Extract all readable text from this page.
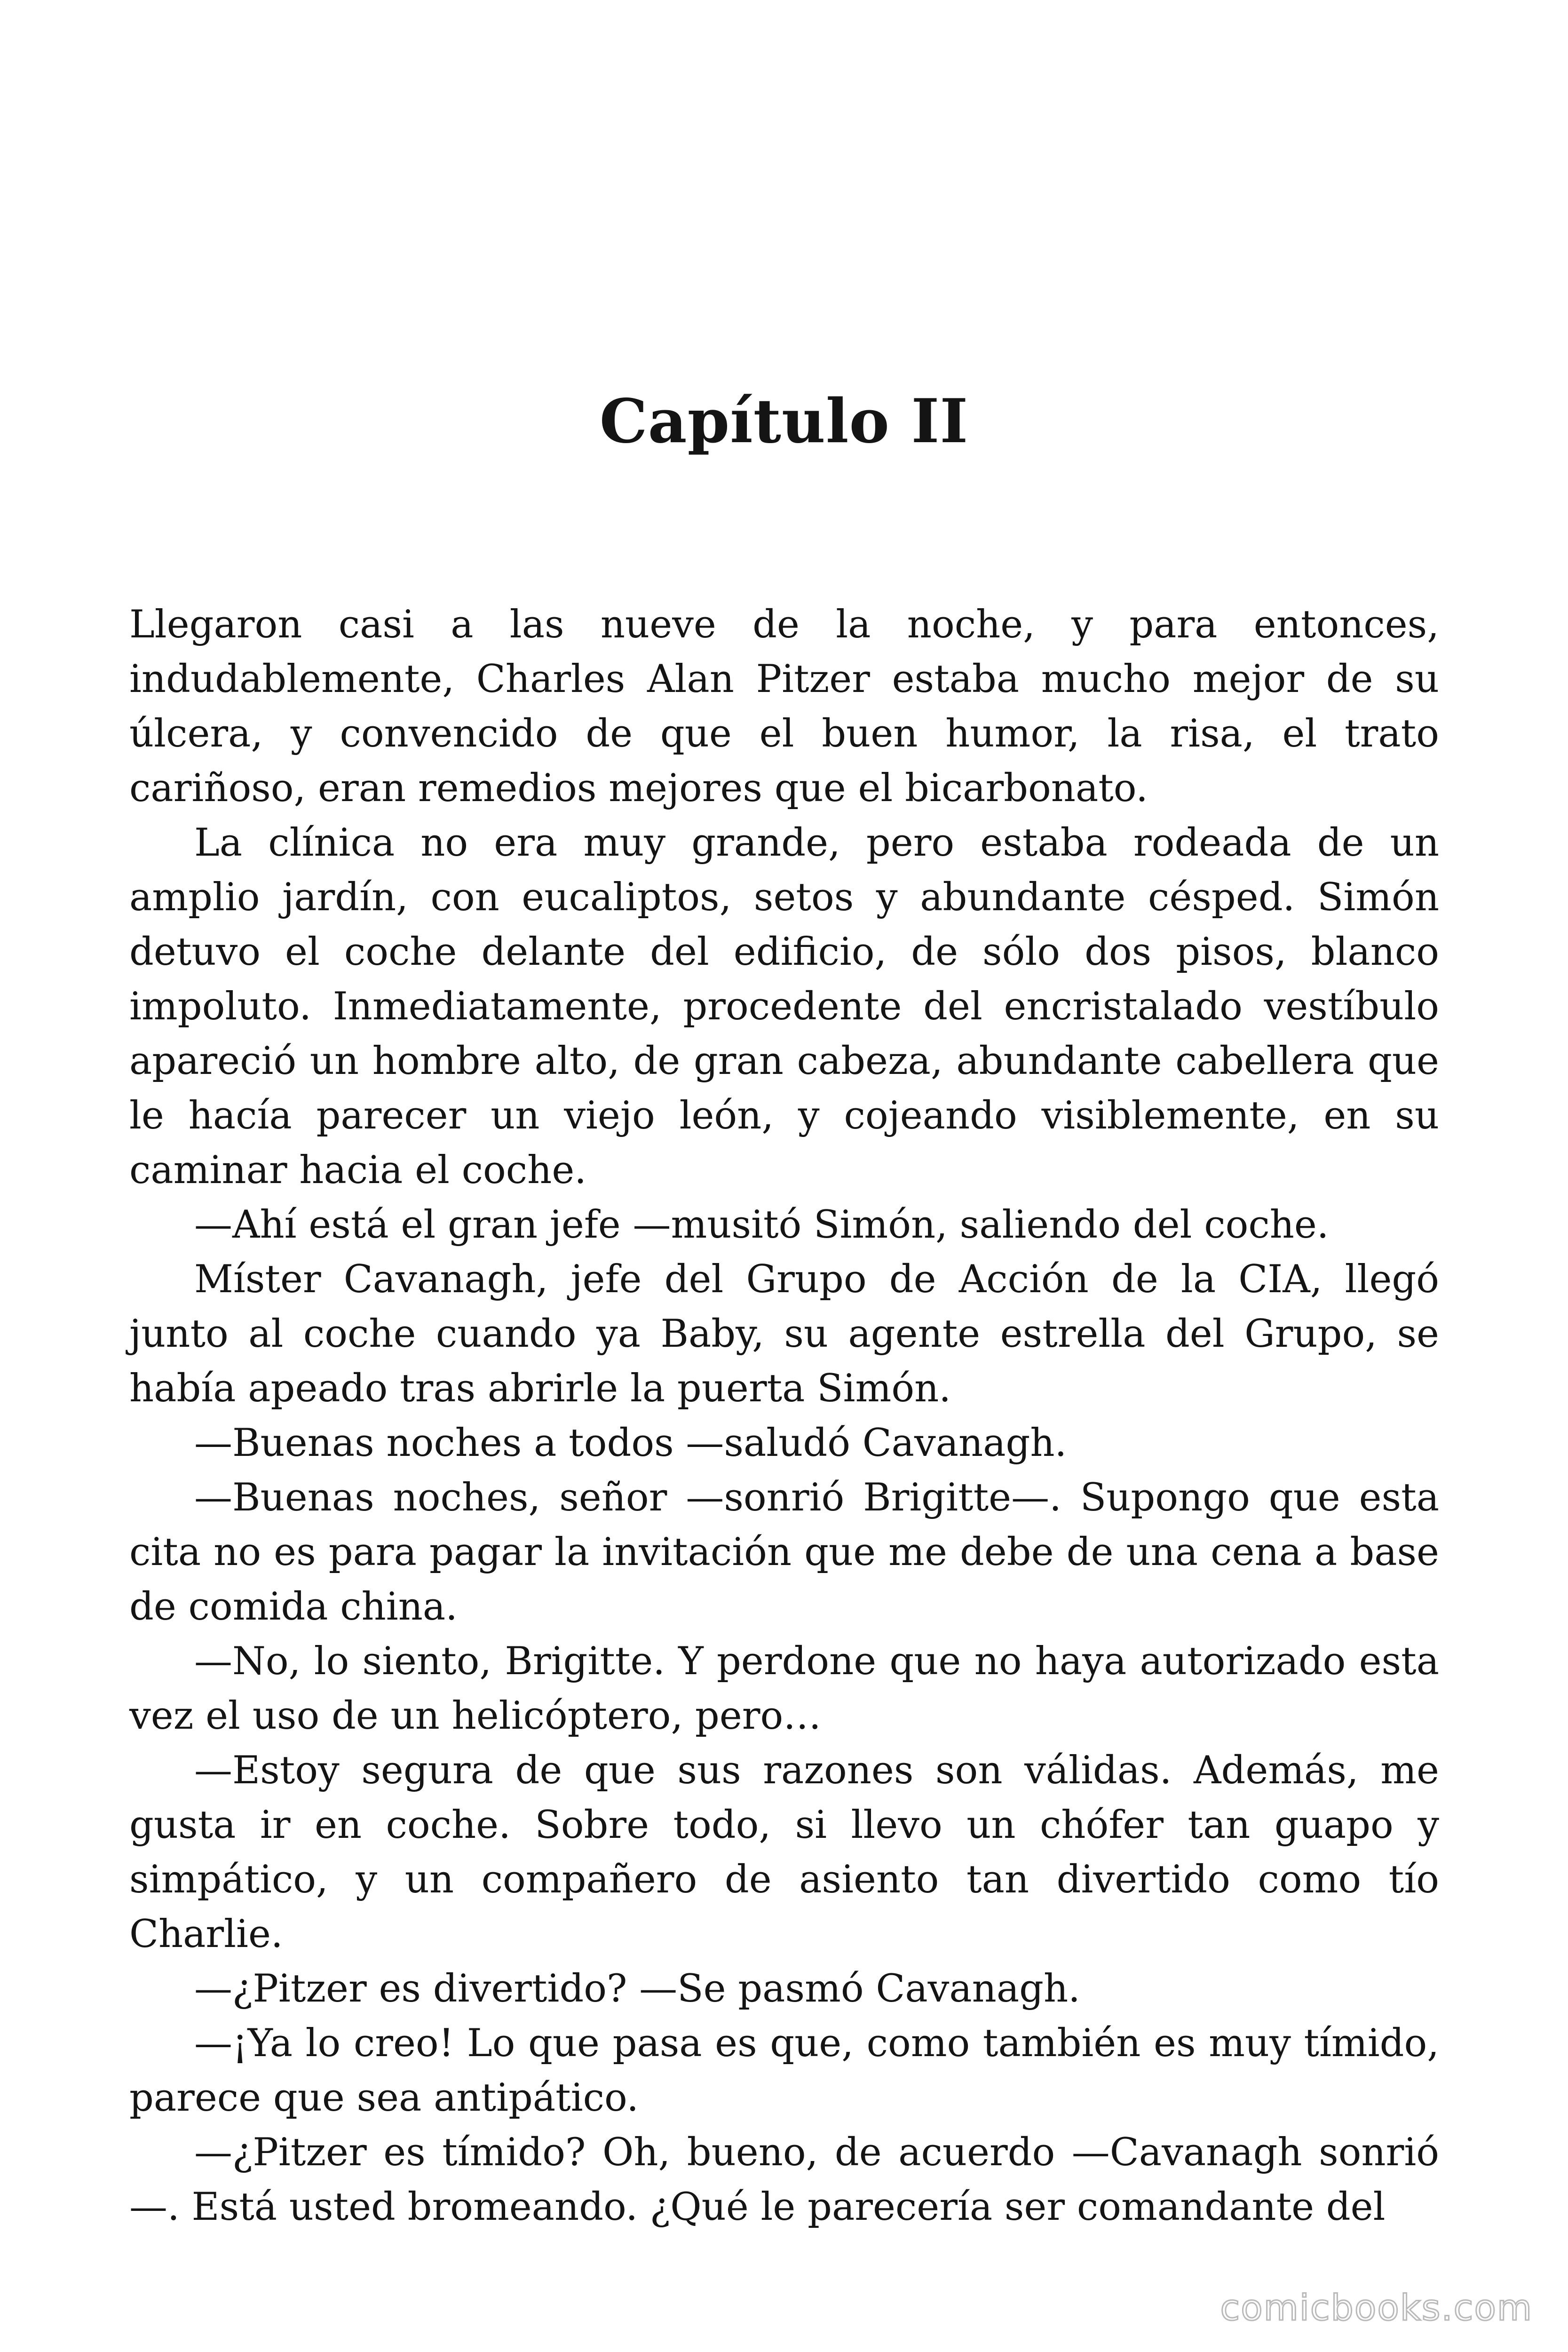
Capítulo II

Llegaron casi a las nueve de la noche, y para entonces, indudablemente, Charles Alan Pitzer estaba mucho mejor de su úlcera, y convencido de que el buen humor, la risa, el trato cariñoso, eran remedios mejores que el bicarbonato.

La clínica no era muy grande, pero estaba rodeada de un amplio jardín, con eucaliptos, setos y abundante césped. Simón detuvo el coche delante del edificio, de sólo dos pisos, blanco impoluto. Inmediatamente, procedente del encristalado vestíbulo apareció un hombre alto, de gran cabeza, abundante cabellera que le hacía parecer un viejo león, y cojeando visiblemente, en su caminar hacia el coche.

—Ahí está el gran jefe —musitó Simón, saliendo del coche.

Míster Cavanagh, jefe del Grupo de Acción de la CIA, llegó junto al coche cuando ya Baby, su agente estrella del Grupo, se había apeado tras abrirle la puerta Simón.

—Buenas noches a todos —saludó Cavanagh.

—Buenas noches, señor —sonrió Brigitte—. Supongo que esta cita no es para pagar la invitación que me debe de una cena a base de comida china.

—No, lo siento, Brigitte. Y perdone que no haya autorizado esta vez el uso de un helicóptero, pero…

—Estoy segura de que sus razones son válidas. Además, me gusta ir en coche. Sobre todo, si llevo un chófer tan guapo y simpático, y un compañero de asiento tan divertido como tío Charlie.

—¿Pitzer es divertido? —Se pasmó Cavanagh.

—¡Ya lo creo! Lo que pasa es que, como también es muy tímido, parece que sea antipático.

—¿Pitzer es tímido? Oh, bueno, de acuerdo —Cavanagh sonrió —. Está usted bromeando. ¿Qué le parecería ser comandante del

comicbooks.com
